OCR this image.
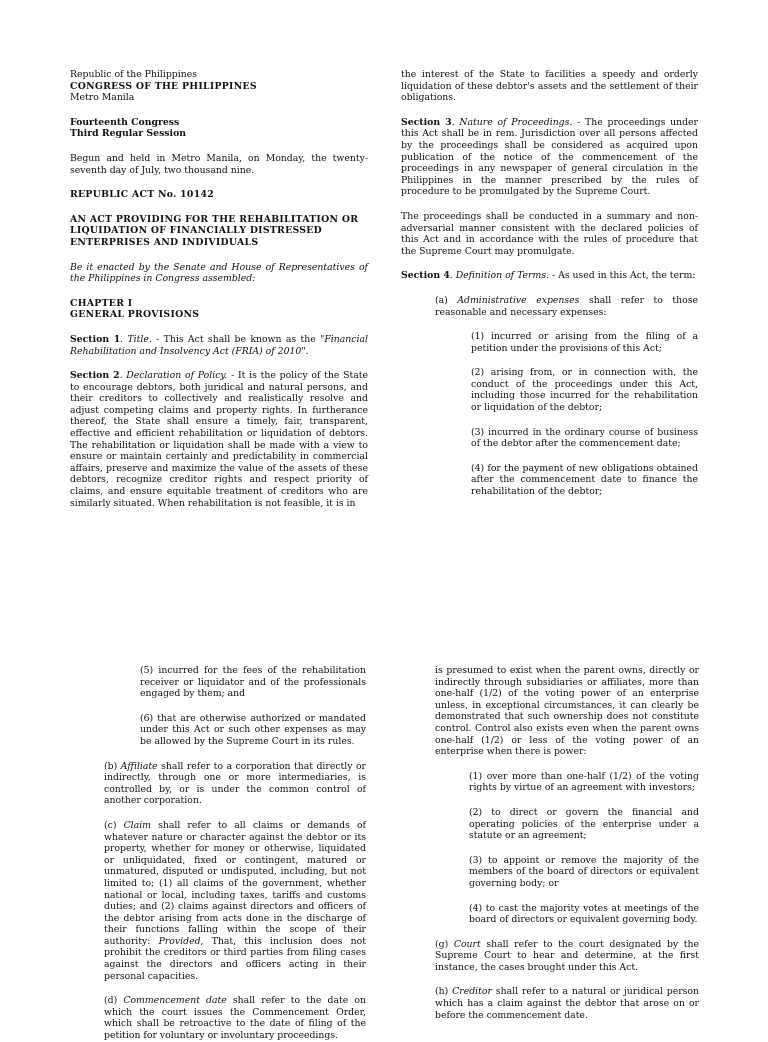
Republic of the Philippines
CONGRESS OF THE PHILIPPINES
Metro Manila

Fourteenth Congress
Third Regular Session

Begun and held in Metro Manila, on Monday, the twenty-seventh day of July, two thousand nine.

REPUBLIC ACT No. 10142

AN ACT PROVIDING FOR THE REHABILITATION OR LIQUIDATION OF FINANCIALLY DISTRESSED ENTERPRISES AND INDIVIDUALS

Be it enacted by the Senate and House of Representatives of the Philippines in Congress assembled:

CHAPTER I
GENERAL PROVISIONS

Section 1. Title. - This Act shall be known as the "Financial Rehabilitation and Insolvency Act (FRIA) of 2010".

Section 2. Declaration of Policy. - It is the policy of the State to encourage debtors, both juridical and natural persons, and their creditors to collectively and realistically resolve and adjust competing claims and property rights. In furtherance thereof, the State shall ensure a timely, fair, transparent, effective and efficient rehabilitation or liquidation of debtors. The rehabilitation or liquidation shall be made with a view to ensure or maintain certainly and predictability in commercial affairs, preserve and maximize the value of the assets of these debtors, recognize creditor rights and respect priority of claims, and ensure equitable treatment of creditors who are similarly situated. When rehabilitation is not feasible, it is in

the interest of the State to facilities a speedy and orderly liquidation of these debtor's assets and the settlement of their obligations.

Section 3. Nature of Proceedings. - The proceedings under this Act shall be in rem. Jurisdiction over all persons affected by the proceedings shall be considered as acquired upon publication of the notice of the commencement of the proceedings in any newspaper of general circulation in the Philippines in the manner prescribed by the rules of procedure to be promulgated by the Supreme Court.

The proceedings shall be conducted in a summary and non-adversarial manner consistent with the declared policies of this Act and in accordance with the rules of procedure that the Supreme Court may promulgate.

Section 4. Definition of Terms. - As used in this Act, the term:

(a) Administrative expenses shall refer to those reasonable and necessary expenses:

(1) incurred or arising from the filing of a petition under the provisions of this Act;

(2) arising from, or in connection with, the conduct of the proceedings under this Act, including those incurred for the rehabilitation or liquidation of the debtor;

(3) incurred in the ordinary course of business of the debtor after the commencement date;

(4) for the payment of new obligations obtained after the commencement date to finance the rehabilitation of the debtor;

(5) incurred for the fees of the rehabilitation receiver or liquidator and of the professionals engaged by them; and

(6) that are otherwise authorized or mandated under this Act or such other expenses as may be allowed by the Supreme Court in its rules.

(b) Affiliate shall refer to a corporation that directly or indirectly, through one or more intermediaries, is controlled by, or is under the common control of another corporation.

(c) Claim shall refer to all claims or demands of whatever nature or character against the debtor or its property, whether for money or otherwise, liquidated or unliquidated, fixed or contingent, matured or unmatured, disputed or undisputed, including, but not limited to; (1) all claims of the government, whether national or local, including taxes, tariffs and customs duties; and (2) claims against directors and officers of the debtor arising from acts done in the discharge of their functions falling within the scope of their authority: Provided, That, this inclusion does not prohibit the creditors or third parties from filing cases against the directors and officers acting in their personal capacities.

(d) Commencement date shall refer to the date on which the court issues the Commencement Order, which shall be retroactive to the date of filing of the petition for voluntary or involuntary proceedings.

is presumed to exist when the parent owns, directly or indirectly through subsidiaries or affiliates, more than one-half (1/2) of the voting power of an enterprise unless, in exceptional circumstances, it can clearly be demonstrated that such ownership does not constitute control. Control also exists even when the parent owns one-half (1/2) or less of the voting power of an enterprise when there is power:

(1) over more than one-half (1/2) of the voting rights by virtue of an agreement with investors;

(2) to direct or govern the financial and operating policies of the enterprise under a statute or an agreement;

(3) to appoint or remove the majority of the members of the board of directors or equivalent governing body; or

(4) to cast the majority votes at meetings of the board of directors or equivalent governing body.

(g) Court shall refer to the court designated by the Supreme Court to hear and determine, at the first instance, the cases brought under this Act.

(h) Creditor shall refer to a natural or juridical person which has a claim against the debtor that arose on or before the commencement date.
